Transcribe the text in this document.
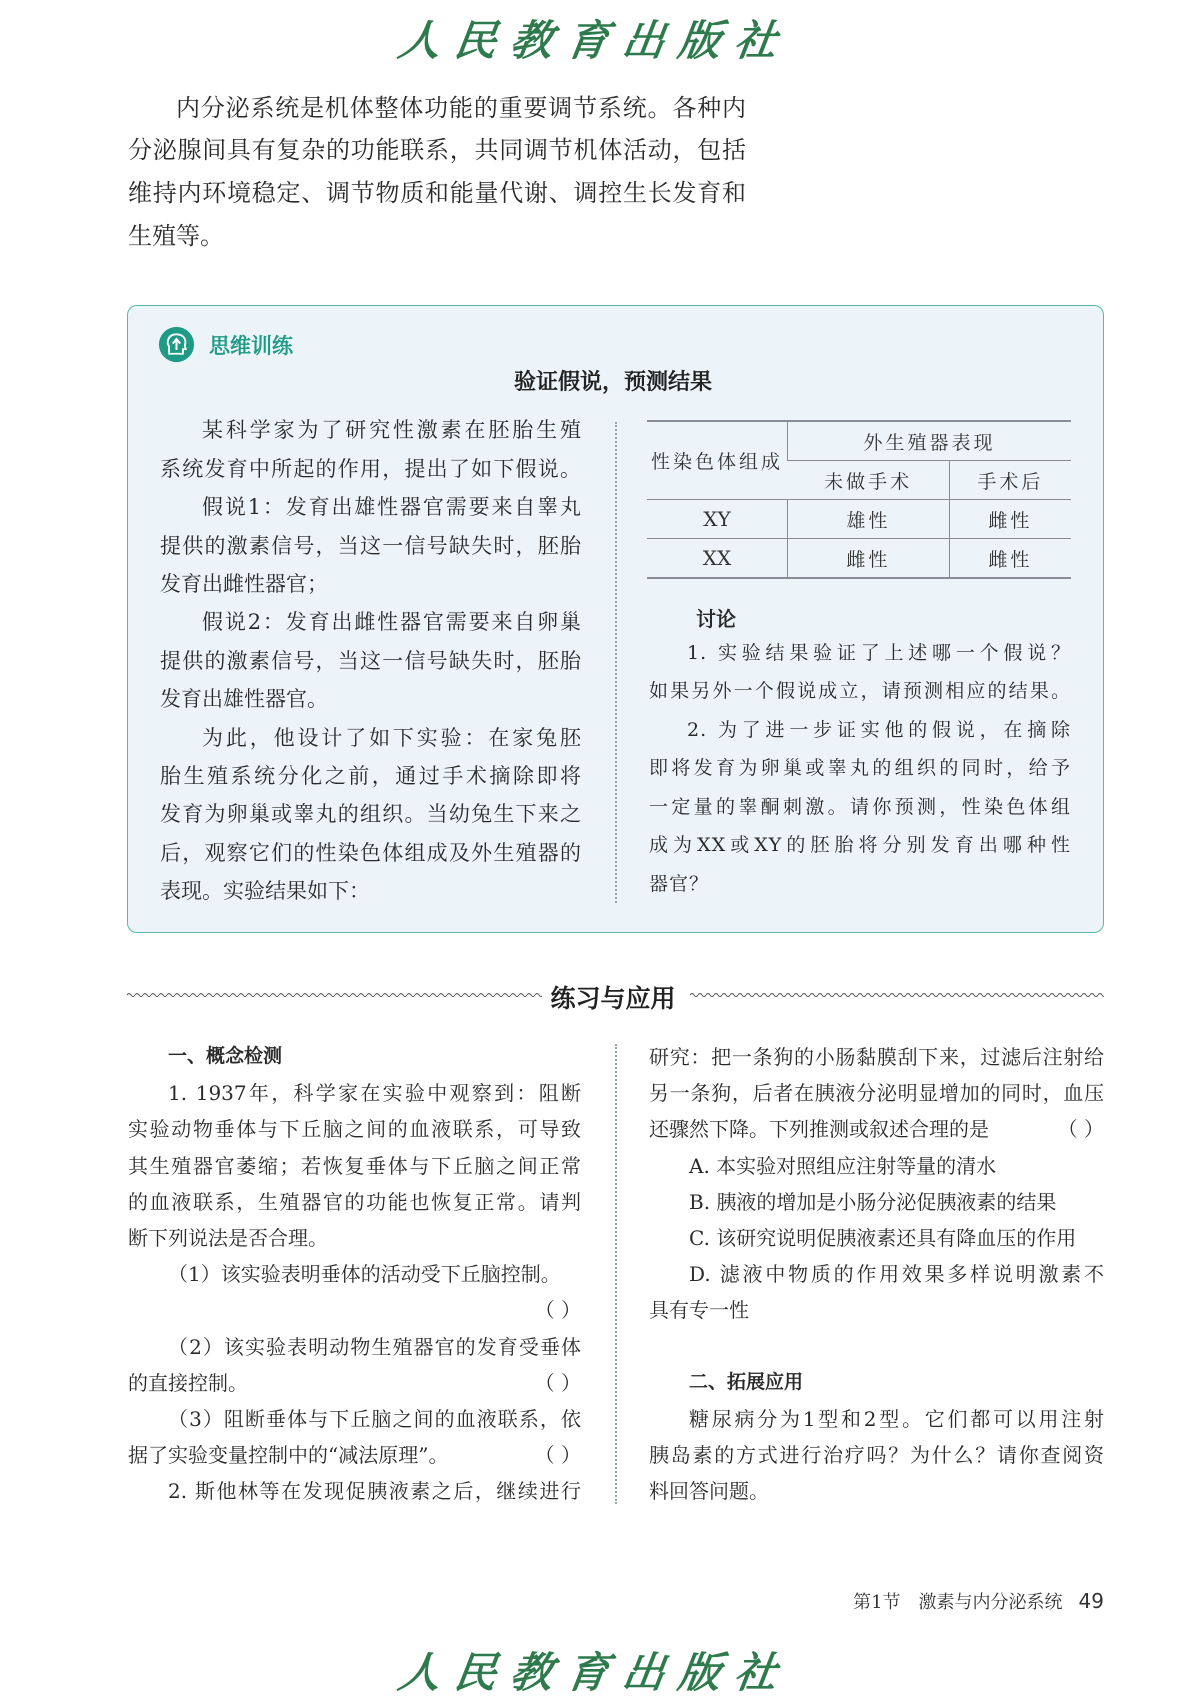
人民教育出版社
内分泌系统是机体整体功能的重要调节系统。各种内
分泌腺间具有复杂的功能联系，共同调节机体活动，包括
维持内环境稳定、调节物质和能量代谢、调控生长发育和
生殖等。
思维训练
验证假说，预测结果
某科学家为了研究性激素在胚胎生殖
系统发育中所起的作用，提出了如下假说。
假说1：发育出雄性器官需要来自睾丸
提供的激素信号，当这一信号缺失时，胚胎
发育出雌性器官；
假说2：发育出雌性器官需要来自卵巢
提供的激素信号，当这一信号缺失时，胚胎
发育出雄性器官。
为此，他设计了如下实验：在家兔胚
胎生殖系统分化之前，通过手术摘除即将
发育为卵巢或睾丸的组织。当幼兔生下来之
后，观察它们的性染色体组成及外生殖器的
表现。实验结果如下：
性染色体组成	外生殖器表现	
	未做手术	手术后
XY	雄性	雌性
XX	雌性	雌性
讨论
1. 实验结果验证了上述哪一个假说？
如果另外一个假说成立，请预测相应的结果。
2. 为了进一步证实他的假说，在摘除
即将发育为卵巢或睾丸的组织的同时，给予
一定量的睾酮刺激。请你预测，性染色体组
成为XX或XY的胚胎将分别发育出哪种性
器官？
练习与应用
一、概念检测
1. 1937年，科学家在实验中观察到：阻断
实验动物垂体与下丘脑之间的血液联系，可导致
其生殖器官萎缩；若恢复垂体与下丘脑之间正常
的血液联系，生殖器官的功能也恢复正常。请判
断下列说法是否合理。
（1）该实验表明垂体的活动受下丘脑控制。
（ ）
（2）该实验表明动物生殖器官的发育受垂体
的直接控制。	（ ）
（3）阻断垂体与下丘脑之间的血液联系，依
据了实验变量控制中的“减法原理”。	（ ）
2. 斯他林等在发现促胰液素之后，继续进行
研究：把一条狗的小肠黏膜刮下来，过滤后注射给
另一条狗，后者在胰液分泌明显增加的同时，血压
还骤然下降。下列推测或叙述合理的是	（ ）
A. 本实验对照组应注射等量的清水
B. 胰液的增加是小肠分泌促胰液素的结果
C. 该研究说明促胰液素还具有降血压的作用
D. 滤液中物质的作用效果多样说明激素不
具有专一性
二、拓展应用
糖尿病分为1型和2型。它们都可以用注射
胰岛素的方式进行治疗吗？为什么？请你查阅资
料回答问题。
第1节　激素与内分泌系统 49
人民教育出版社
